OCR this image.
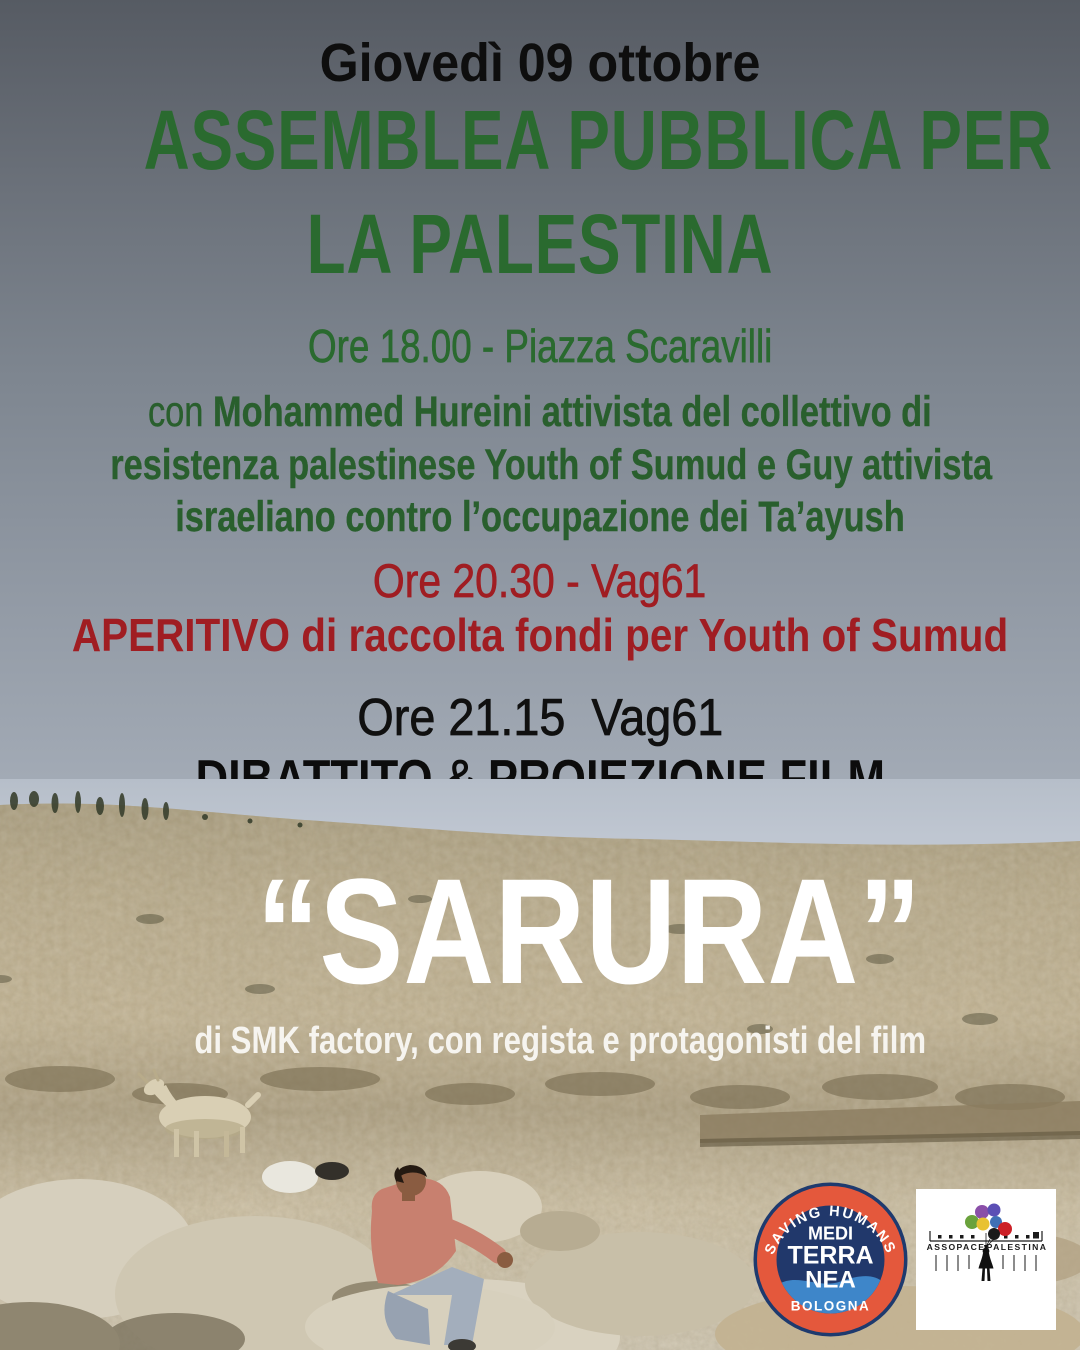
Giovedì 09 ottobre
ASSEMBLEA PUBBLICA PER
LA PALESTINA
Ore 18.00 - Piazza Scaravilli
con Mohammed Hureini attivista del collettivo di
resistenza palestinese Youth of Sumud e Guy attivista
israeliano contro l’occupazione dei Ta’ayush
Ore 20.30 - Vag61
APERITIVO di raccolta fondi per Youth of Sumud
Ore 21.15  Vag61
“SARURA”
di SMK factory, con regista e protagonisti del film
SAVING HUMANS
MEDI
TERRA
NEA
BOLOGNA
ASSOPACE PALESTINA
